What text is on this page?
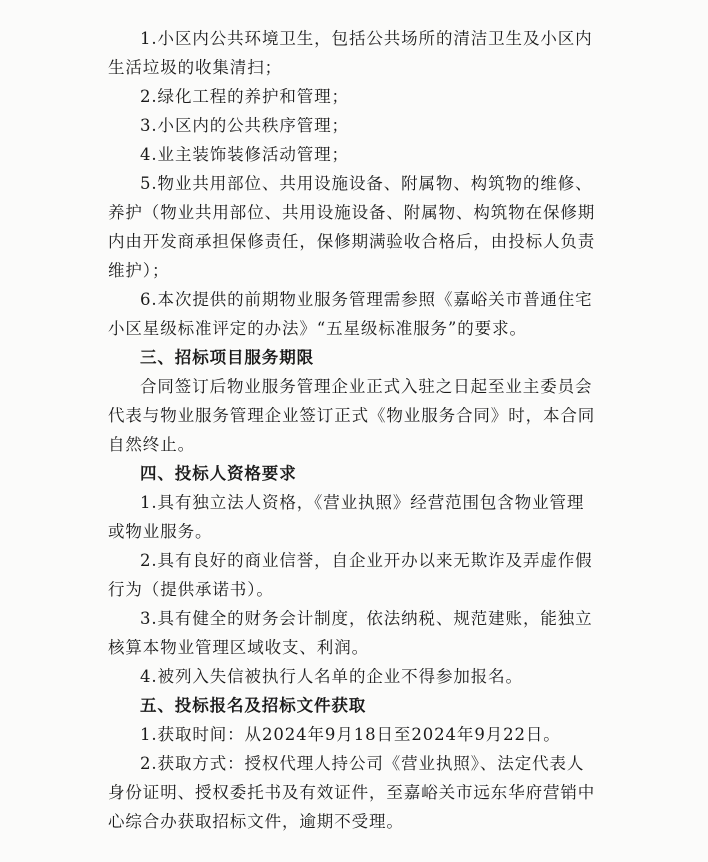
1.小区内公共环境卫生，包括公共场所的清洁卫生及小区内
生活垃圾的收集清扫；
2.绿化工程的养护和管理；
3.小区内的公共秩序管理；
4.业主装饰装修活动管理；
5.物业共用部位、共用设施设备、附属物、构筑物的维修、
养护（物业共用部位、共用设施设备、附属物、构筑物在保修期
内由开发商承担保修责任，保修期满验收合格后，由投标人负责
维护）；
6.本次提供的前期物业服务管理需参照《嘉峪关市普通住宅
小区星级标准评定的办法》“五星级标准服务”的要求。
三、招标项目服务期限
合同签订后物业服务管理企业正式入驻之日起至业主委员会
代表与物业服务管理企业签订正式《物业服务合同》时，本合同
自然终止。
四、投标人资格要求
1.具有独立法人资格，《营业执照》经营范围包含物业管理
或物业服务。
2.具有良好的商业信誉，自企业开办以来无欺诈及弄虚作假
行为（提供承诺书）。
3.具有健全的财务会计制度，依法纳税、规范建账，能独立
核算本物业管理区域收支、利润。
4.被列入失信被执行人名单的企业不得参加报名。
五、投标报名及招标文件获取
1.获取时间：从2024年9月18日至2024年9月22日。
2.获取方式：授权代理人持公司《营业执照》、法定代表人
身份证明、授权委托书及有效证件，至嘉峪关市远东华府营销中
心综合办获取招标文件，逾期不受理。
